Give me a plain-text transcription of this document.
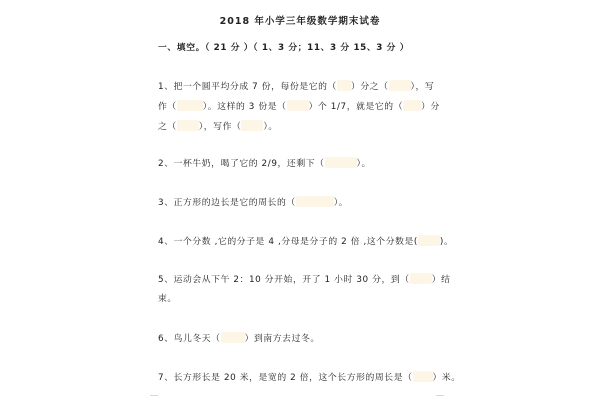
2018 年小学三年级数学期末试卷
一、填空。（ 21 分 ）（ 1、3 分；11、3 分 15、3 分 ）
1、把一个圆平均分成 7 份，每份是它的（ ）分之（	），写
作（	）。这样的 3 份是（	）个 1/7，就是它的（ ）分
之（	），写作（	）。
2、一杯牛奶，喝了它的 2/9，还剩下（	）。
3、正方形的边长是它的周长的（	）。
4、一个分数 ,它的分子是 4 ,分母是分子的 2 倍 ,这个分数是(	)。
5、运动会从下午 2：10 分开始，开了 1 小时 30 分，到（	）结
束。
6、鸟儿冬天（	）到南方去过冬。
7、长方形长是 20 米，是宽的 2 倍，这个长方形的周长是（ ）米。
